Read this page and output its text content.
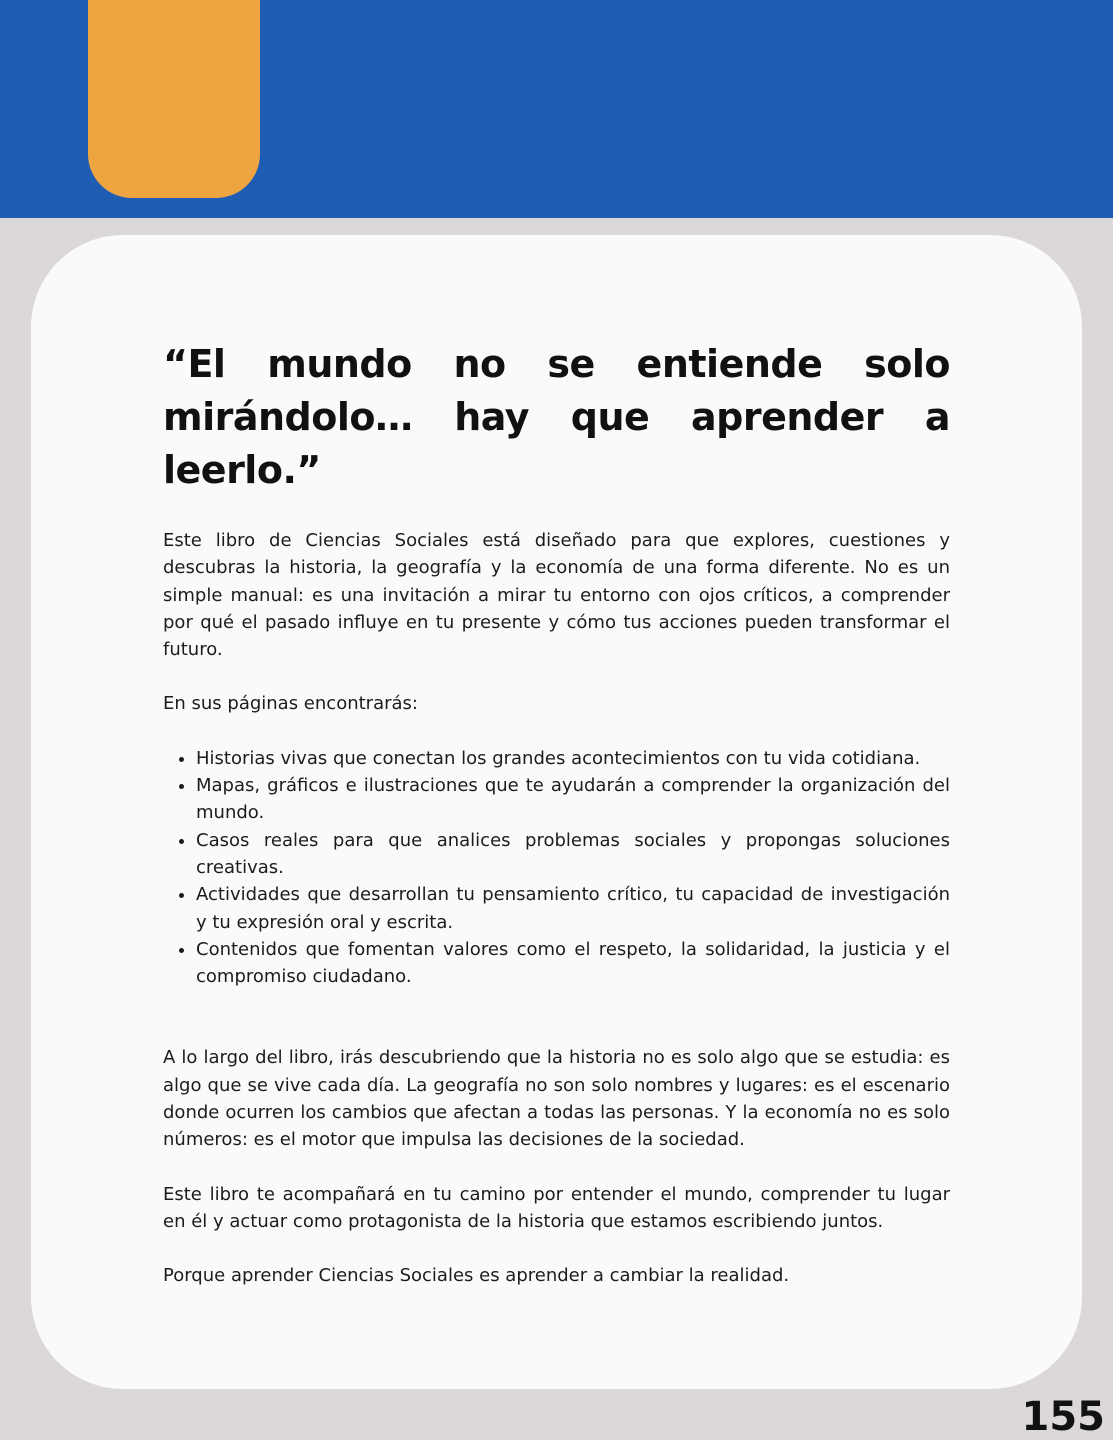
“El mundo no se entiende solo mirándolo… hay que aprender a leerlo.”

Este libro de Ciencias Sociales está diseñado para que explores, cuestiones y descubras la historia, la geografía y la economía de una forma diferente. No es un simple manual: es una invitación a mirar tu entorno con ojos críticos, a comprender por qué el pasado influye en tu presente y cómo tus acciones pueden transformar el futuro.

En sus páginas encontrarás:

• Historias vivas que conectan los grandes acontecimientos con tu vida cotidiana.
• Mapas, gráficos e ilustraciones que te ayudarán a comprender la organización del mundo.
• Casos reales para que analices problemas sociales y propongas soluciones creativas.
• Actividades que desarrollan tu pensamiento crítico, tu capacidad de investigación y tu expresión oral y escrita.
• Contenidos que fomentan valores como el respeto, la solidaridad, la justicia y el compromiso ciudadano.

A lo largo del libro, irás descubriendo que la historia no es solo algo que se estudia: es algo que se vive cada día. La geografía no son solo nombres y lugares: es el escenario donde ocurren los cambios que afectan a todas las personas. Y la economía no es solo números: es el motor que impulsa las decisiones de la sociedad.

Este libro te acompañará en tu camino por entender el mundo, comprender tu lugar en él y actuar como protagonista de la historia que estamos escribiendo juntos.

Porque aprender Ciencias Sociales es aprender a cambiar la realidad.

155
